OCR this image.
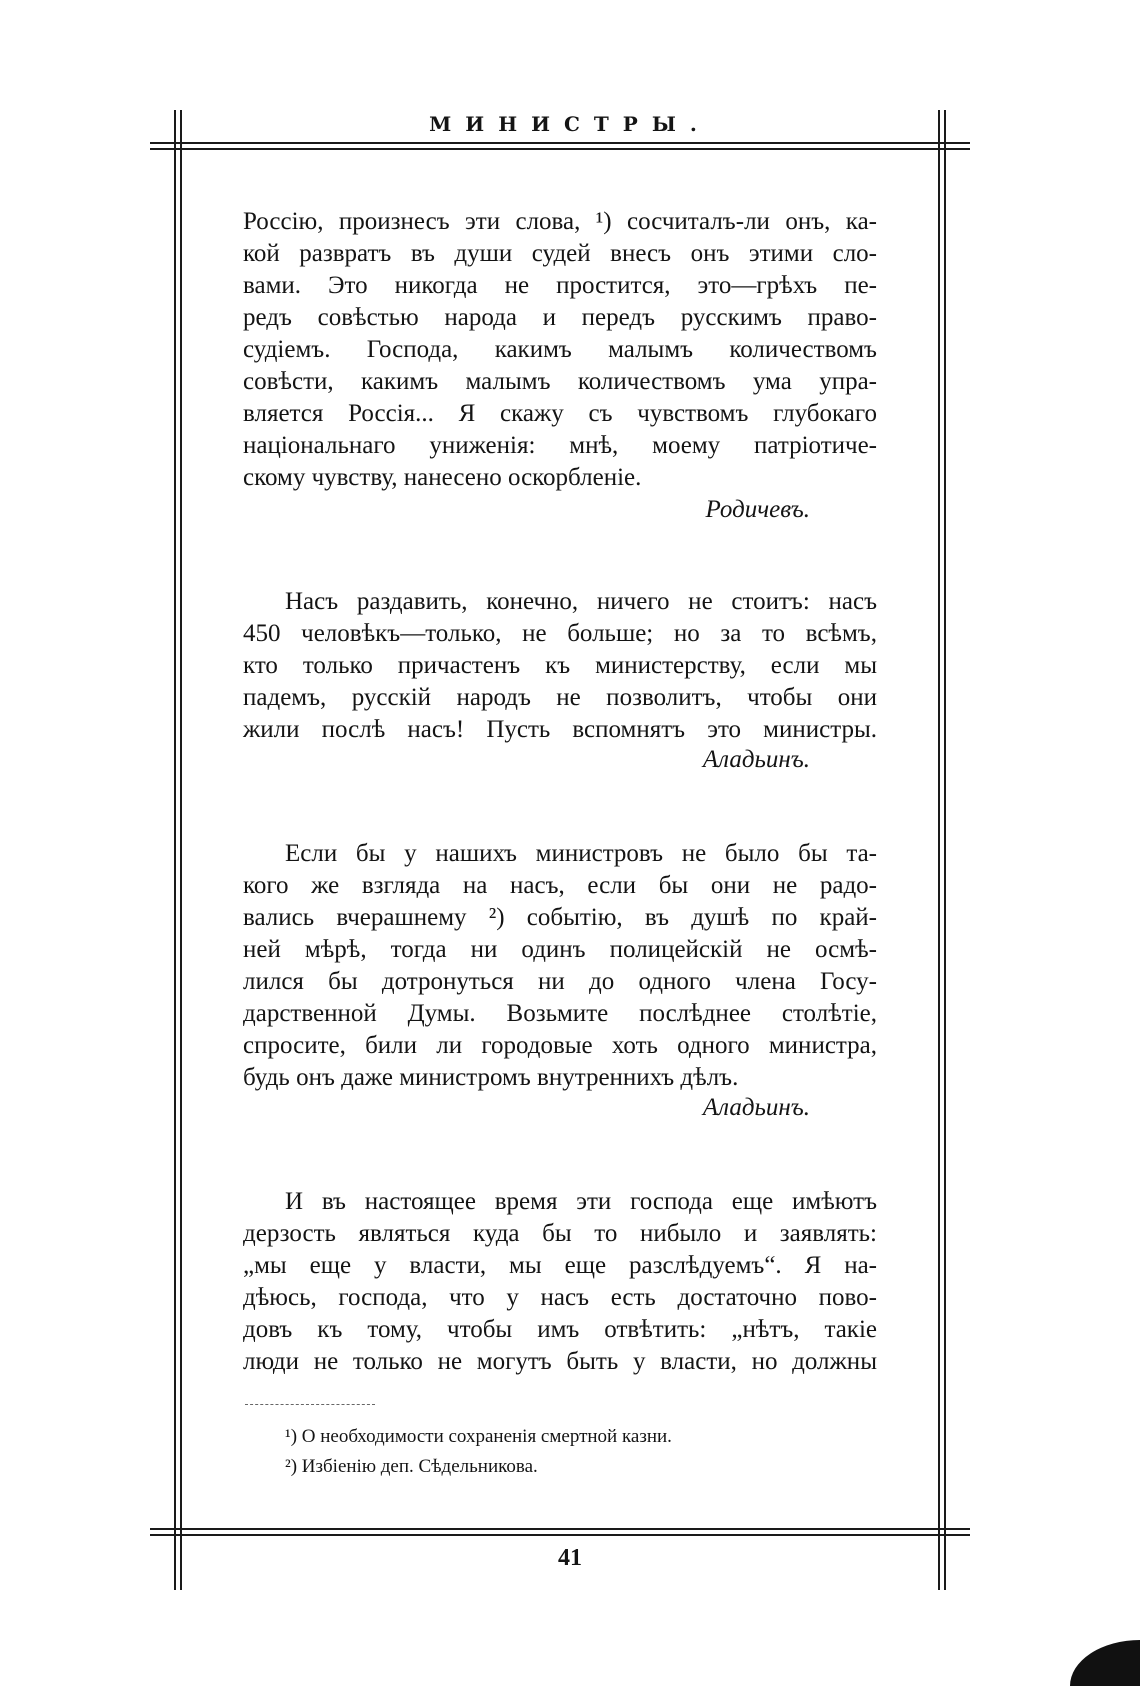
МИНИСТРЫ.
Россію, произнесъ эти слова, ¹) сосчиталъ-ли онъ, ка-
кой развратъ въ души судей внесъ онъ этими сло-
вами. Это никогда не простится, это—грѣхъ пе-
редъ совѣстью народа и передъ русскимъ право-
судіемъ. Господа, какимъ малымъ количествомъ
совѣсти, какимъ малымъ количествомъ ума упра-
вляется Россія... Я скажу съ чувствомъ глубокаго
національнаго униженія: мнѣ, моему патріотиче-
скому чувству, нанесено оскорбленіе.
Родичевъ.
Насъ раздавить, конечно, ничего не стоитъ: насъ
450 человѣкъ—только, не больше; но за то всѣмъ,
кто только причастенъ къ министерству, если мы
падемъ, русскій народъ не позволитъ, чтобы они
жили послѣ насъ! Пусть вспомнятъ это министры.
Аладьинъ.
Если бы у нашихъ министровъ не было бы та-
кого же взгляда на насъ, если бы они не радо-
вались вчерашнему ²) событію, въ душѣ по край-
ней мѣрѣ, тогда ни одинъ полицейскій не осмѣ-
лился бы дотронуться ни до одного члена Госу-
дарственной Думы. Возьмите послѣднее столѣтіе,
спросите, били ли городовые хоть одного министра,
будь онъ даже министромъ внутреннихъ дѣлъ.
Аладьинъ.
И въ настоящее время эти господа еще имѣютъ
дерзость являться куда бы то нибыло и заявлять:
„мы еще у власти, мы еще разслѣдуемъ“. Я на-
дѣюсь, господа, что у насъ есть достаточно пово-
довъ къ тому, чтобы имъ отвѣтить: „нѣтъ, такіе
люди не только не могутъ быть у власти, но должны
¹) О необходимости сохраненія смертной казни.
²) Избіенію деп. Сѣдельникова.
41
